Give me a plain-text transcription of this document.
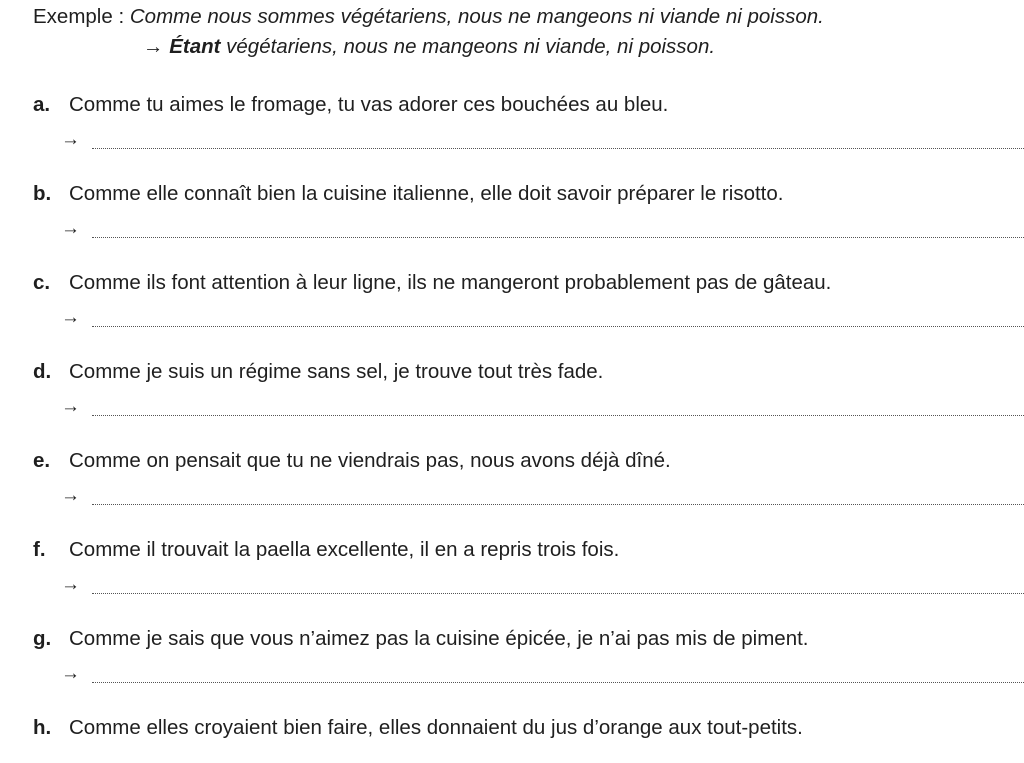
Exemple : Comme nous sommes végétariens, nous ne mangeons ni viande ni poisson.
→ Étant végétariens, nous ne mangeons ni viande, ni poisson.
a. Comme tu aimes le fromage, tu vas adorer ces bouchées au bleu.
→
b. Comme elle connaît bien la cuisine italienne, elle doit savoir préparer le risotto.
→
c. Comme ils font attention à leur ligne, ils ne mangeront probablement pas de gâteau.
→
d. Comme je suis un régime sans sel, je trouve tout très fade.
→
e. Comme on pensait que tu ne viendrais pas, nous avons déjà dîné.
→
f. Comme il trouvait la paella excellente, il en a repris trois fois.
→
g. Comme je sais que vous n’aimez pas la cuisine épicée, je n’ai pas mis de piment.
→
h. Comme elles croyaient bien faire, elles donnaient du jus d’orange aux tout-petits.
